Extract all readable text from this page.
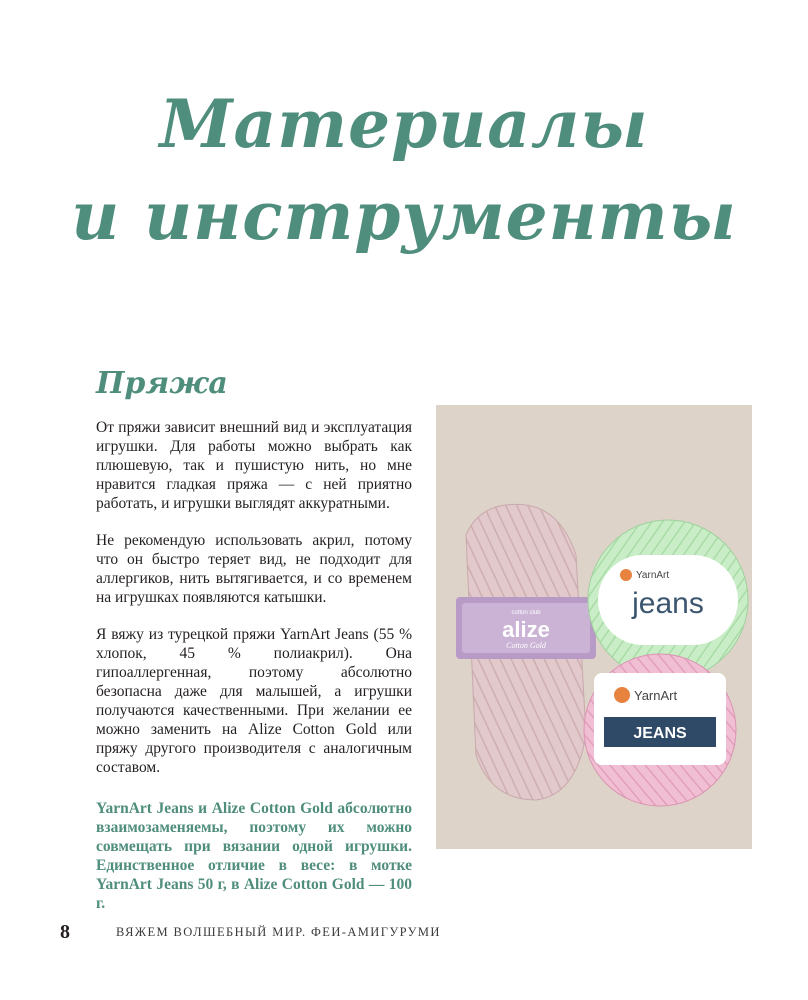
Материалы
и инструменты
Пряжа

От пряжи зависит внешний вид и эксплуатация игрушки. Для работы можно выбрать как плюшевую, так и пушистую нить, но мне нравится гладкая пряжа — с ней приятно работать, и игрушки выглядят аккуратными.

Не рекомендую использовать акрил, потому что он быстро теряет вид, не подходит для аллергиков, нить вытягивается, и со временем на игрушках появляются катышки.

Я вяжу из турецкой пряжи YarnArt Jeans (55 % хлопок, 45 % полиакрил). Она гипоаллергенная, поэтому абсолютно безопасна даже для малышей, а игрушки получаются качественными. При желании ее можно заменить на Alize Cotton Gold или пряжу другого производителя с аналогичным составом.

YarnArt Jeans и Alize Cotton Gold абсолютно взаимозаменяемы, поэтому их можно совмещать при вязании одной игрушки. Единственное отличие в весе: в мотке YarnArt Jeans 50 г, в Alize Cotton Gold — 100 г.

cotton club
alize
Cotton Gold
YarnArt
jeans
YarnArt
JEANS
8	ВЯЖЕМ ВОЛШЕБНЫЙ МИР. ФЕИ-АМИГУРУМИ
